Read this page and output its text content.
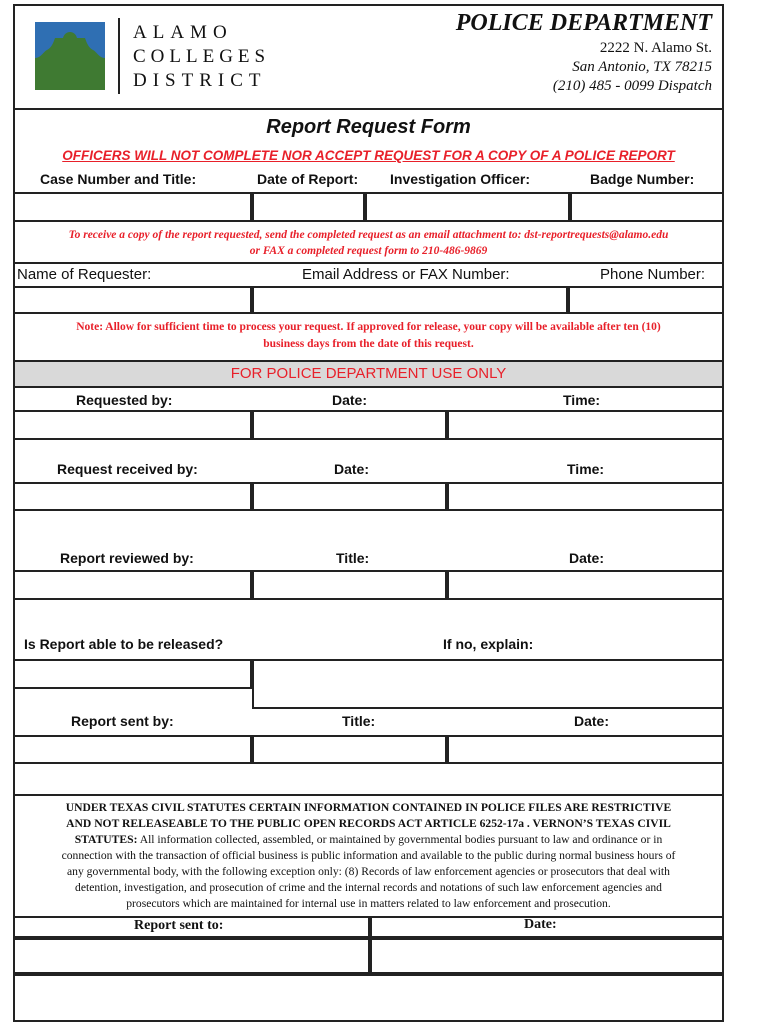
ALAMO
COLLEGES
DISTRICT
POLICE DEPARTMENT
2222 N. Alamo St.
San Antonio, TX 78215
(210) 485 - 0099 Dispatch
Report Request Form
OFFICERS WILL NOT COMPLETE NOR ACCEPT REQUEST FOR A COPY OF A POLICE REPORT
Case Number and Title:	Date of Report: Investigation Officer:	Badge Number:
To receive a copy of the report requested, send the completed request as an email attachment to: dst-reportrequests@alamo.edu
or FAX a completed request form to 210-486-9869
Name of Requester:	Email Address or FAX Number:	Phone Number:
Note: Allow for sufficient time to process your request. If approved for release, your copy will be available after ten (10)
business days from the date of this request.
FOR POLICE DEPARTMENT USE ONLY
Requested by:	Date:	Time:
Request received by:	Date:	Time:
Report reviewed by:	Title:	Date:
Is Report able to be released?	If no, explain:
Report sent by:	Title:	Date:
UNDER TEXAS CIVIL STATUTES CERTAIN INFORMATION CONTAINED IN POLICE FILES ARE RESTRICTIVE
AND NOT RELEASEABLE TO THE PUBLIC OPEN RECORDS ACT ARTICLE 6252-17a . VERNON’S TEXAS CIVIL
STATUTES: All information collected, assembled, or maintained by governmental bodies pursuant to law and ordinance or in
connection with the transaction of official business is public information and available to the public during normal business hours of
any governmental body, with the following exception only: (8) Records of law enforcement agencies or prosecutors that deal with
detention, investigation, and prosecution of crime and the internal records and notations of such law enforcement agencies and
prosecutors which are maintained for internal use in matters related to law enforcement and prosecution.
Report sent to:	Date:
